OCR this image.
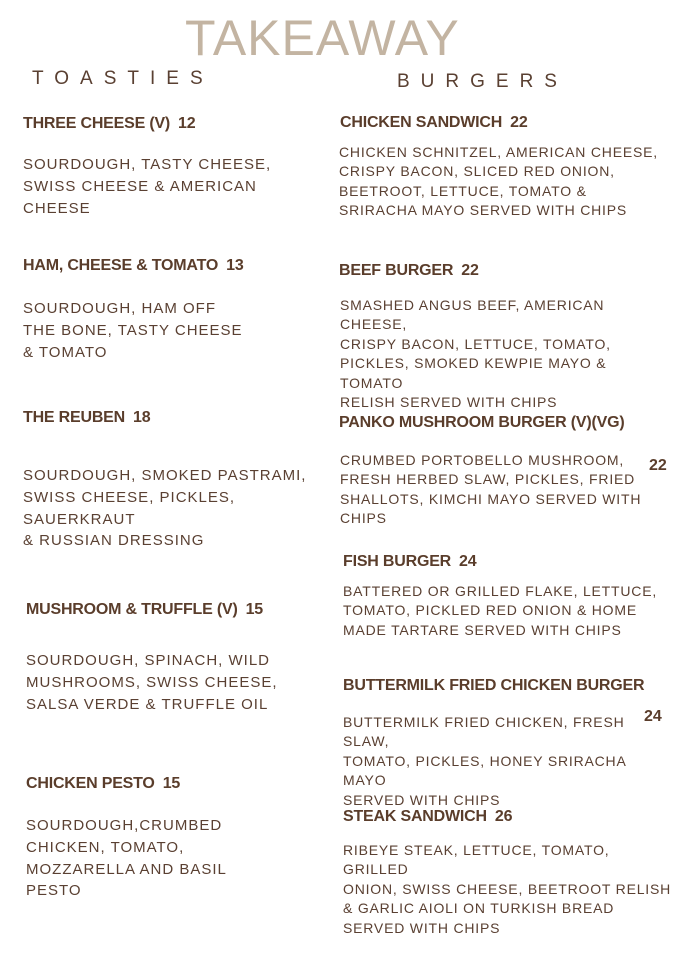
TAKEAWAY
TOASTIES	BURGERS
THREE CHEESE (V) 12
SOURDOUGH, TASTY CHEESE,
SWISS CHEESE & AMERICAN
CHEESE
HAM, CHEESE & TOMATO 13
SOURDOUGH, HAM OFF
THE BONE, TASTY CHEESE
& TOMATO
THE REUBEN 18
SOURDOUGH, SMOKED PASTRAMI,
SWISS CHEESE, PICKLES,
SAUERKRAUT
& RUSSIAN DRESSING
MUSHROOM & TRUFFLE (V) 15
SOURDOUGH, SPINACH, WILD
MUSHROOMS, SWISS CHEESE,
SALSA VERDE & TRUFFLE OIL
CHICKEN PESTO 15
SOURDOUGH,CRUMBED
CHICKEN, TOMATO,
MOZZARELLA AND BASIL
PESTO
CHICKEN SANDWICH 22
CHICKEN SCHNITZEL, AMERICAN CHEESE,
CRISPY BACON, SLICED RED ONION,
BEETROOT, LETTUCE, TOMATO &
SRIRACHA MAYO SERVED WITH CHIPS
BEEF BURGER 22
SMASHED ANGUS BEEF, AMERICAN CHEESE,
CRISPY BACON, LETTUCE, TOMATO,
PICKLES, SMOKED KEWPIE MAYO & TOMATO
RELISH SERVED WITH CHIPS
PANKO MUSHROOM BURGER (V)(VG)
22
CRUMBED PORTOBELLO MUSHROOM,
FRESH HERBED SLAW, PICKLES, FRIED
SHALLOTS, KIMCHI MAYO SERVED WITH
CHIPS
FISH BURGER 24
BATTERED OR GRILLED FLAKE, LETTUCE,
TOMATO, PICKLED RED ONION & HOME
MADE TARTARE SERVED WITH CHIPS
BUTTERMILK FRIED CHICKEN BURGER
24
BUTTERMILK FRIED CHICKEN, FRESH SLAW,
TOMATO, PICKLES, HONEY SRIRACHA MAYO
SERVED WITH CHIPS
STEAK SANDWICH 26
RIBEYE STEAK, LETTUCE, TOMATO, GRILLED
ONION, SWISS CHEESE, BEETROOT RELISH
& GARLIC AIOLI ON TURKISH BREAD
SERVED WITH CHIPS
